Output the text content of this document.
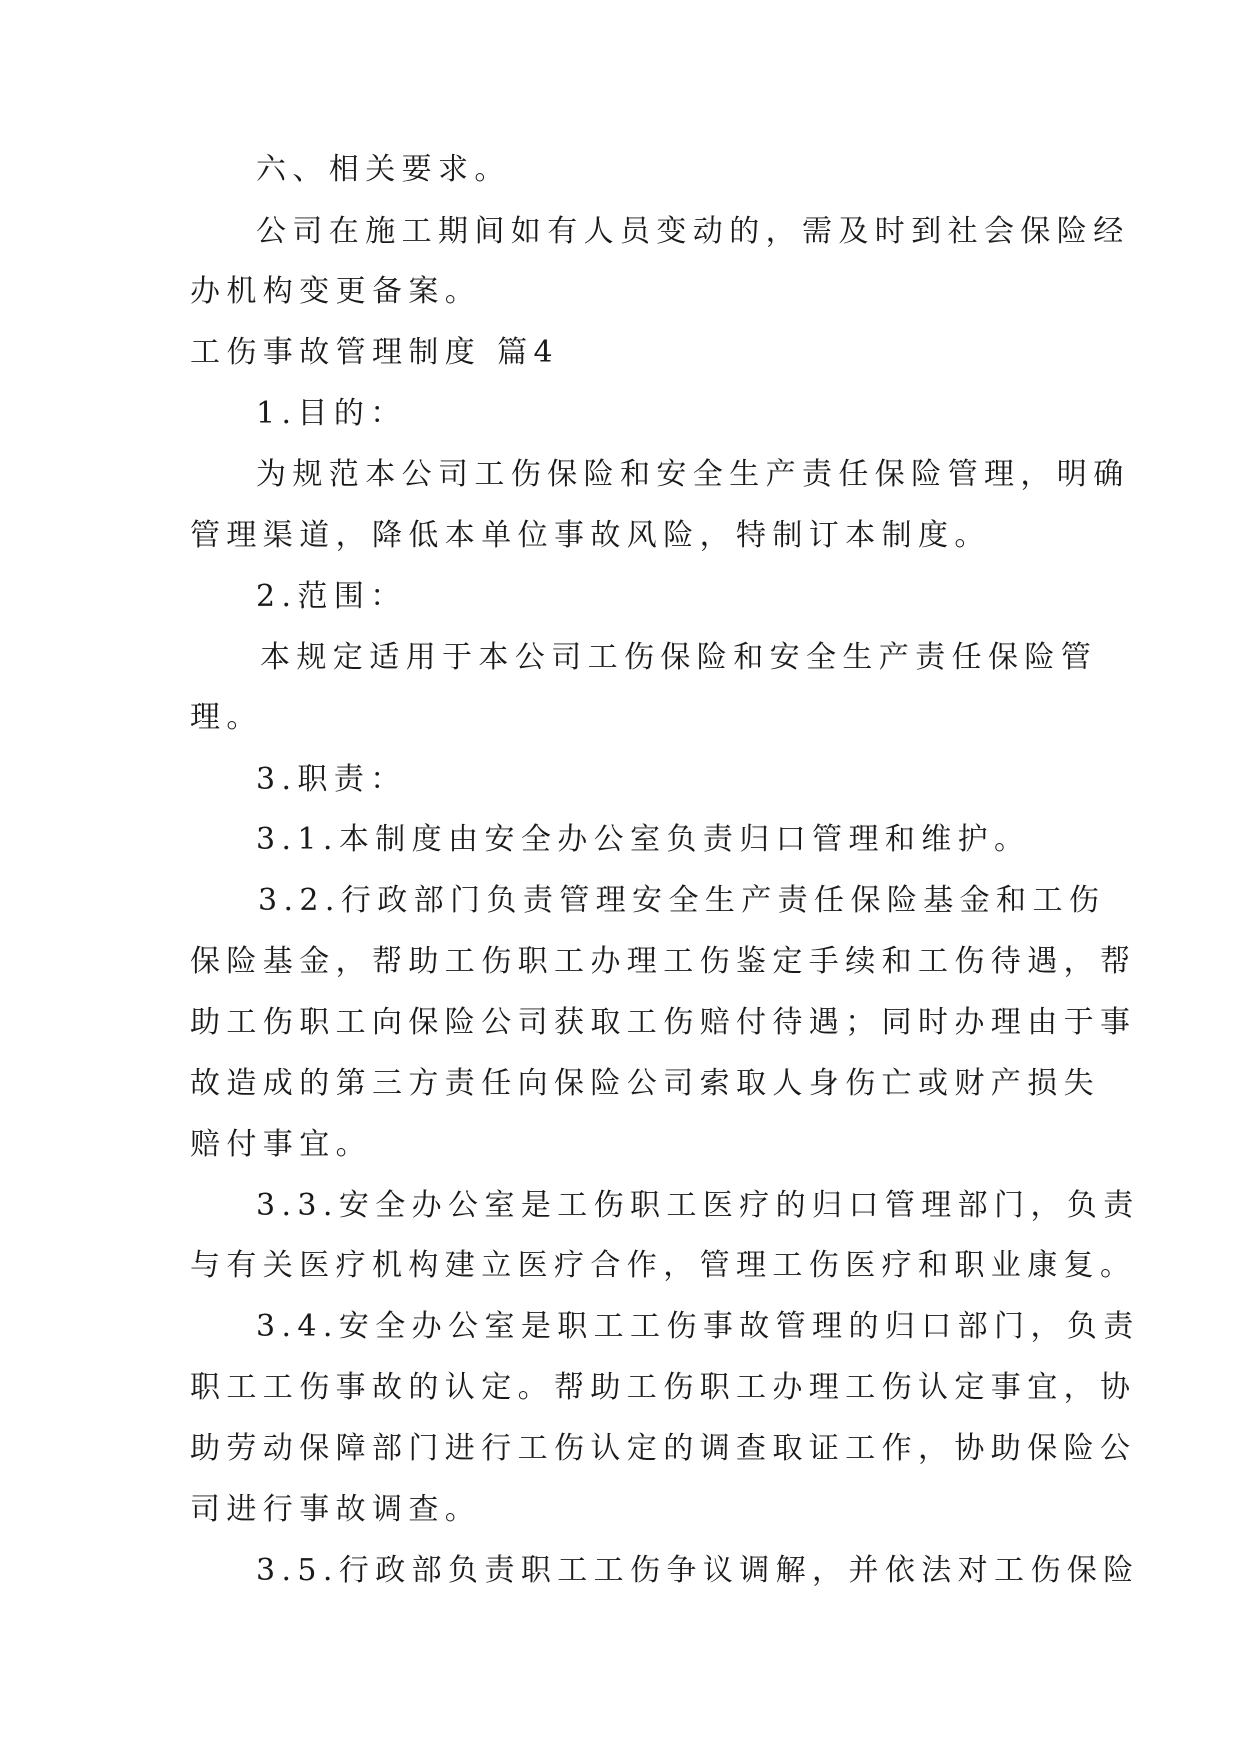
六、相关要求。
公司在施工期间如有人员变动的，需及时到社会保险经
办机构变更备案。
工伤事故管理制度 篇4
1.目的：
为规范本公司工伤保险和安全生产责任保险管理，明确
管理渠道，降低本单位事故风险，特制订本制度。
2.范围：
本规定适用于本公司工伤保险和安全生产责任保险管
理。
3.职责：
3.1.本制度由安全办公室负责归口管理和维护。
3.2.行政部门负责管理安全生产责任保险基金和工伤
保险基金，帮助工伤职工办理工伤鉴定手续和工伤待遇，帮
助工伤职工向保险公司获取工伤赔付待遇；同时办理由于事
故造成的第三方责任向保险公司索取人身伤亡或财产损失
赔付事宜。
3.3.安全办公室是工伤职工医疗的归口管理部门，负责
与有关医疗机构建立医疗合作，管理工伤医疗和职业康复。
3.4.安全办公室是职工工伤事故管理的归口部门，负责
职工工伤事故的认定。帮助工伤职工办理工伤认定事宜，协
助劳动保障部门进行工伤认定的调查取证工作，协助保险公
司进行事故调查。
3.5.行政部负责职工工伤争议调解，并依法对工伤保险
